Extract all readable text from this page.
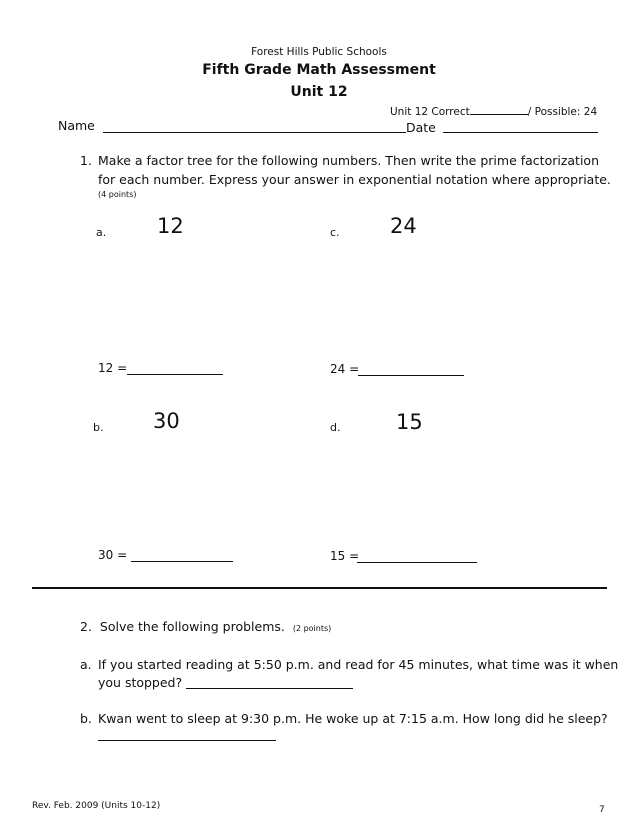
Forest Hills Public Schools
Fifth Grade Math Assessment
Unit 12
Unit 12 Correct	/ Possible: 24
Name	Date
1. Make a factor tree for the following numbers. Then write the prime factorization
for each number. Express your answer in exponential notation where appropriate.
(4 points)
a. 12
12 =
c. 24
24 =
b. 30
30 =
d.	15
15 =
2. Solve the following problems. (2 points)
a. If you started reading at 5:50 p.m. and read for 45 minutes, what time was it when
you stopped?
b. Kwan went to sleep at 9:30 p.m. He woke up at 7:15 a.m. How long did he sleep?
Rev. Feb. 2009 (Units 10-12)	7
